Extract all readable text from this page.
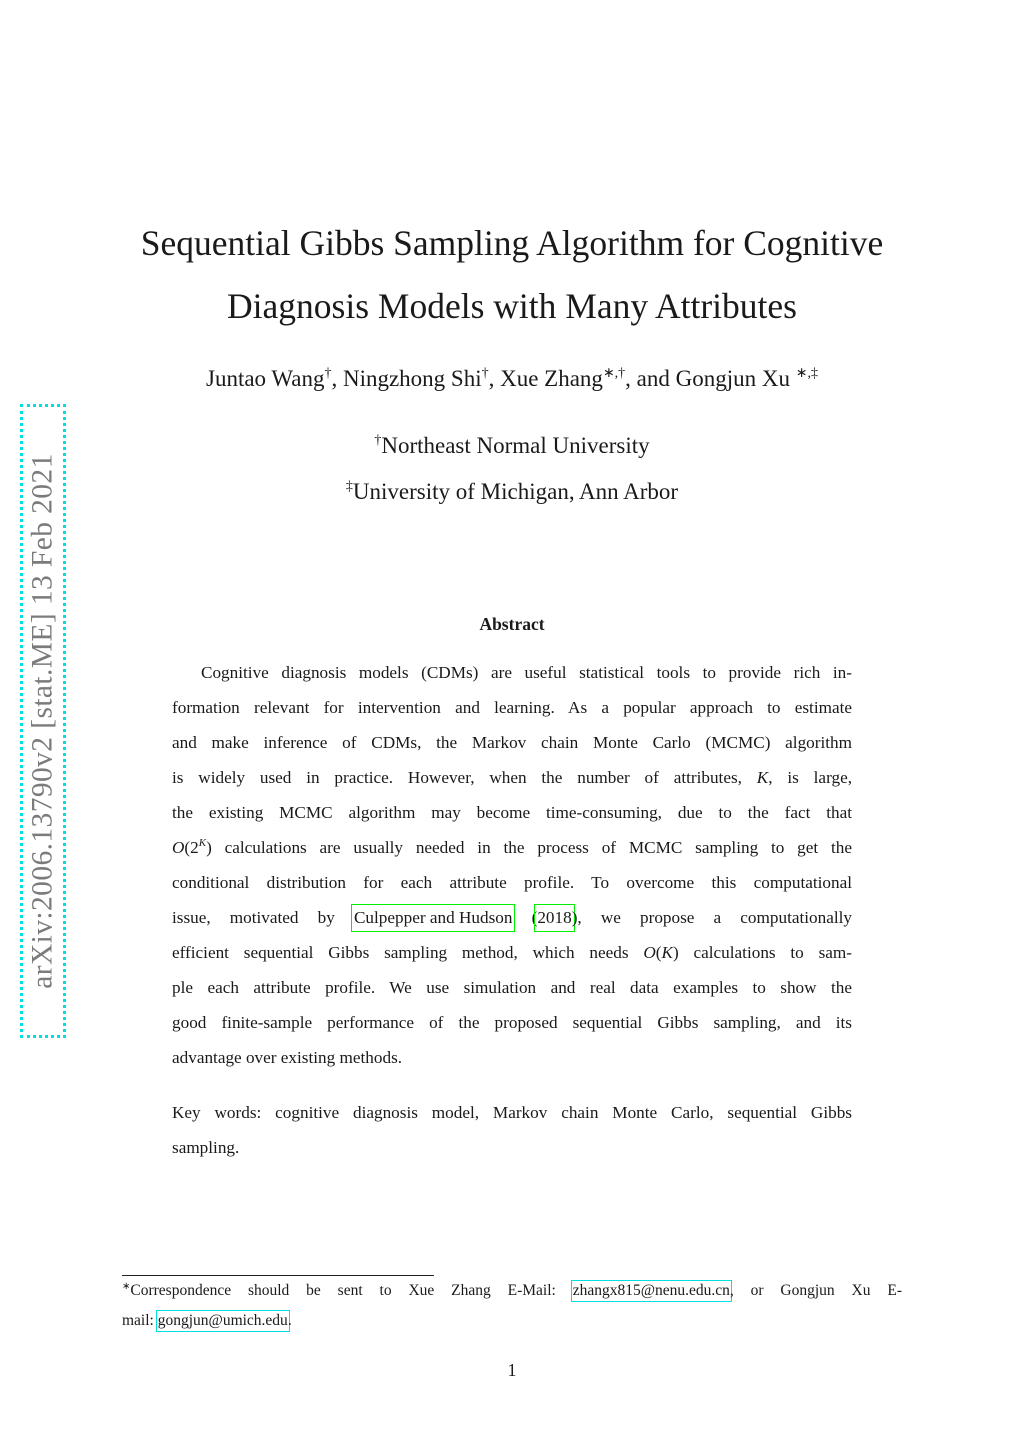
arXiv:2006.13790v2 [stat.ME] 13 Feb 2021
Sequential Gibbs Sampling Algorithm for Cognitive
Diagnosis Models with Many Attributes
Juntao Wang†, Ningzhong Shi†, Xue Zhang∗,†, and Gongjun Xu ∗,‡
†Northeast Normal University
‡University of Michigan, Ann Arbor
Abstract
Cognitive diagnosis models (CDMs) are useful statistical tools to provide rich in-
formation relevant for intervention and learning. As a popular approach to estimate
and make inference of CDMs, the Markov chain Monte Carlo (MCMC) algorithm
is widely used in practice. However, when the number of attributes, K, is large,
the existing MCMC algorithm may become time-consuming, due to the fact that
$O(2^K)$ calculations are usually needed in the process of MCMC sampling to get the
conditional distribution for each attribute profile. To overcome this computational
issue, motivated by Culpepper and Hudson (2018), we propose a computationally
efficient sequential Gibbs sampling method, which needs O(K) calculations to sam-
ple each attribute profile. We use simulation and real data examples to show the
good finite-sample performance of the proposed sequential Gibbs sampling, and its
advantage over existing methods.
Key words: cognitive diagnosis model, Markov chain Monte Carlo, sequential Gibbs
sampling.
∗Correspondence should be sent to Xue Zhang E-Mail: zhangx815@nenu.edu.cn, or Gongjun Xu E-
mail: gongjun@umich.edu.
1
